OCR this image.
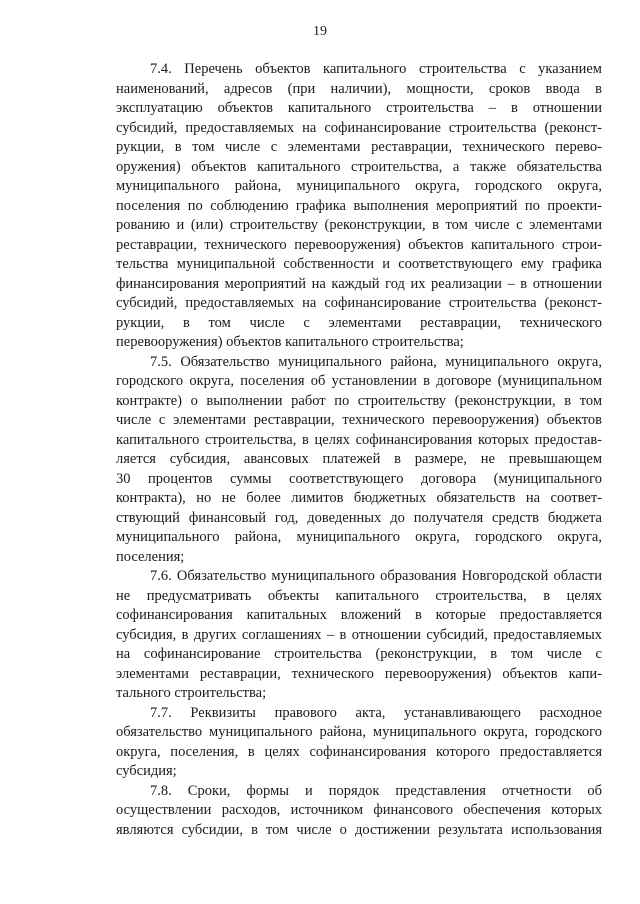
19
7.4. Перечень объектов капитального строительства с указанием
наименований, адресов (при наличии), мощности, сроков ввода в
эксплуатацию объектов капитального строительства – в отношении
субсидий, предоставляемых на софинансирование строительства (реконст-
рукции, в том числе с элементами реставрации, технического перево-
оружения) объектов капитального строительства, а также обязательства
муниципального района, муниципального округа, городского округа,
поселения по соблюдению графика выполнения мероприятий по проекти-
рованию и (или) строительству (реконструкции, в том числе с элементами
реставрации, технического перевооружения) объектов капитального строи-
тельства муниципальной собственности и соответствующего ему графика
финансирования мероприятий на каждый год их реализации – в отношении
субсидий, предоставляемых на софинансирование строительства (реконст-
рукции, в том числе с элементами реставрации, технического
перевооружения) объектов капитального строительства;
7.5. Обязательство муниципального района, муниципального округа,
городского округа, поселения об установлении в договоре (муниципальном
контракте) о выполнении работ по строительству (реконструкции, в том
числе с элементами реставрации, технического перевооружения) объектов
капитального строительства, в целях софинансирования которых предостав-
ляется субсидия, авансовых платежей в размере, не превышающем
30 процентов суммы соответствующего договора (муниципального
контракта), но не более лимитов бюджетных обязательств на соответ-
ствующий финансовый год, доведенных до получателя средств бюджета
муниципального района, муниципального округа, городского округа,
поселения;
7.6. Обязательство муниципального образования Новгородской области
не предусматривать объекты капитального строительства, в целях
софинансирования капитальных вложений в которые предоставляется
субсидия, в других соглашениях – в отношении субсидий, предоставляемых
на софинансирование строительства (реконструкции, в том числе с
элементами реставрации, технического перевооружения) объектов капи-
тального строительства;
7.7. Реквизиты правового акта, устанавливающего расходное
обязательство муниципального района, муниципального округа, городского
округа, поселения, в целях софинансирования которого предоставляется
субсидия;
7.8. Сроки, формы и порядок представления отчетности об
осуществлении расходов, источником финансового обеспечения которых
являются субсидии, в том числе о достижении результата использования
